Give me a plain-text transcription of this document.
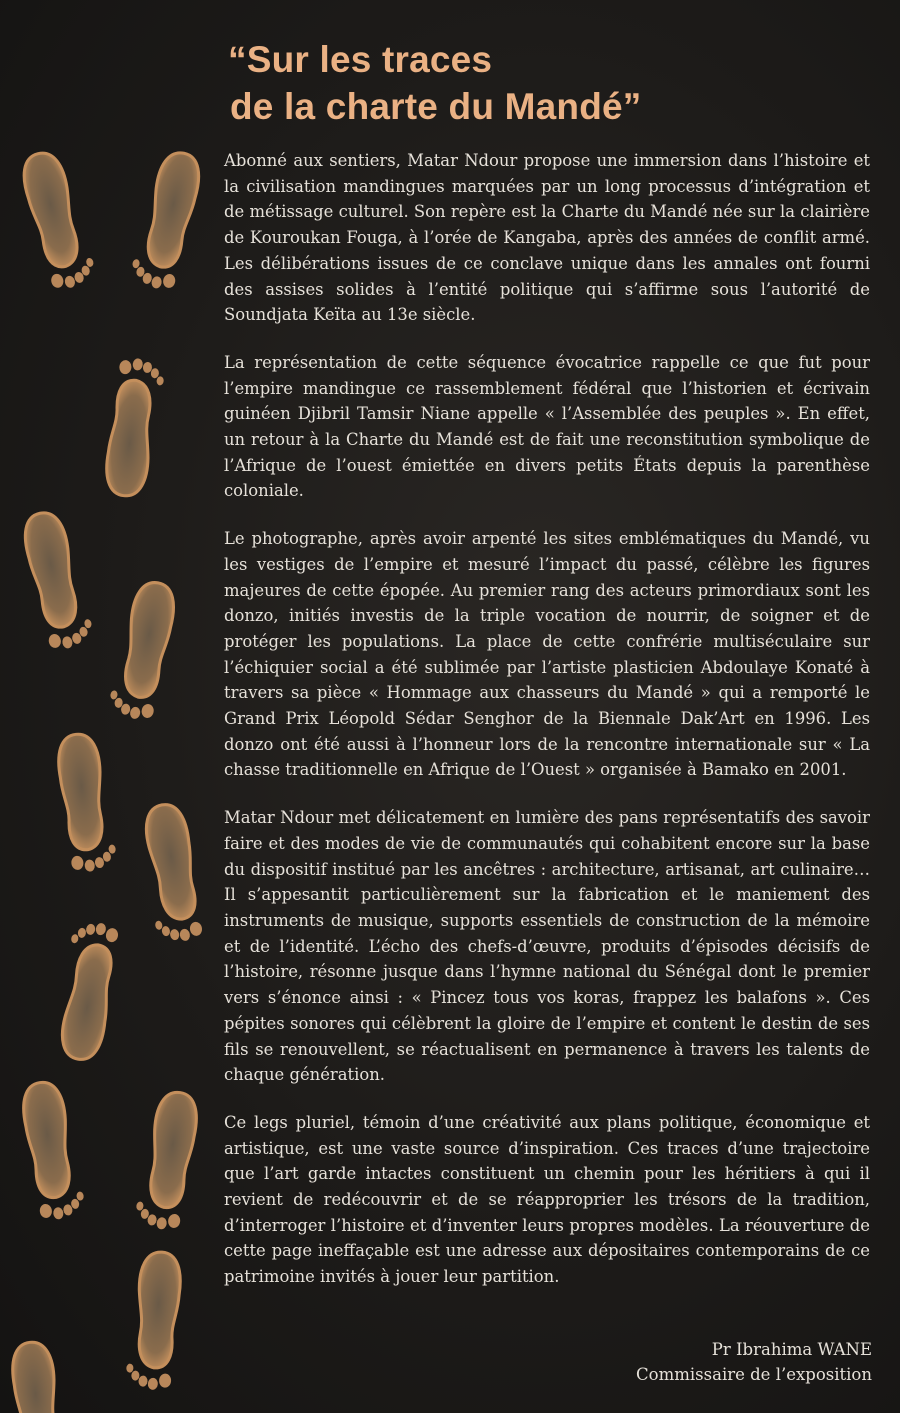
“Sur les traces
de la charte du Mandé”

Abonné aux sentiers, Matar Ndour propose une immersion dans l’histoire et la civilisation mandingues marquées par un long processus d’intégration et de métissage culturel. Son repère est la Charte du Mandé née sur la clairière de Kouroukan Fouga, à l’orée de Kangaba, après des années de conflit armé. Les délibérations issues de ce conclave unique dans les annales ont fourni des assises solides à l’entité politique qui s’affirme sous l’autorité de Soundjata Keïta au 13e siècle.

La représentation de cette séquence évocatrice rappelle ce que fut pour l’empire mandingue ce rassemblement fédéral que l’historien et écrivain guinéen Djibril Tamsir Niane appelle « l’Assemblée des peuples ». En effet, un retour à la Charte du Mandé est de fait une reconstitution symbolique de l’Afrique de l’ouest émiettée en divers petits États depuis la parenthèse coloniale.

Le photographe, après avoir arpenté les sites emblématiques du Mandé, vu les vestiges de l’empire et mesuré l’impact du passé, célèbre les figures majeures de cette épopée. Au premier rang des acteurs primordiaux sont les donzo, initiés investis de la triple vocation de nourrir, de soigner et de protéger les populations. La place de cette confrérie multiséculaire sur l’échiquier social a été sublimée par l’artiste plasticien Abdoulaye Konaté à travers sa pièce « Hommage aux chasseurs du Mandé » qui a remporté le Grand Prix Léopold Sédar Senghor de la Biennale Dak’Art en 1996. Les donzo ont été aussi à l’honneur lors de la rencontre internationale sur « La chasse traditionnelle en Afrique de l’Ouest » organisée à Bamako en 2001.

Matar Ndour met délicatement en lumière des pans représentatifs des savoir faire et des modes de vie de communautés qui cohabitent encore sur la base du dispositif institué par les ancêtres : architecture, artisanat, art culinaire… Il s’appesantit particulièrement sur la fabrication et le maniement des instruments de musique, supports essentiels de construction de la mémoire et de l’identité. L’écho des chefs-d’œuvre, produits d’épisodes décisifs de l’histoire, résonne jusque dans l’hymne national du Sénégal dont le premier vers s’énonce ainsi : « Pincez tous vos koras, frappez les balafons ». Ces pépites sonores qui célèbrent la gloire de l’empire et content le destin de ses fils se renouvellent, se réactualisent en permanence à travers les talents de chaque génération.

Ce legs pluriel, témoin d’une créativité aux plans politique, économique et artistique, est une vaste source d’inspiration. Ces traces d’une trajectoire que l’art garde intactes constituent un chemin pour les héritiers à qui il revient de redécouvrir et de se réapproprier les trésors de la tradition, d’interroger l’histoire et d’inventer leurs propres modèles. La réouverture de cette page ineffaçable est une adresse aux dépositaires contemporains de ce patrimoine invités à jouer leur partition.

Pr Ibrahima WANE
Commissaire de l’exposition
